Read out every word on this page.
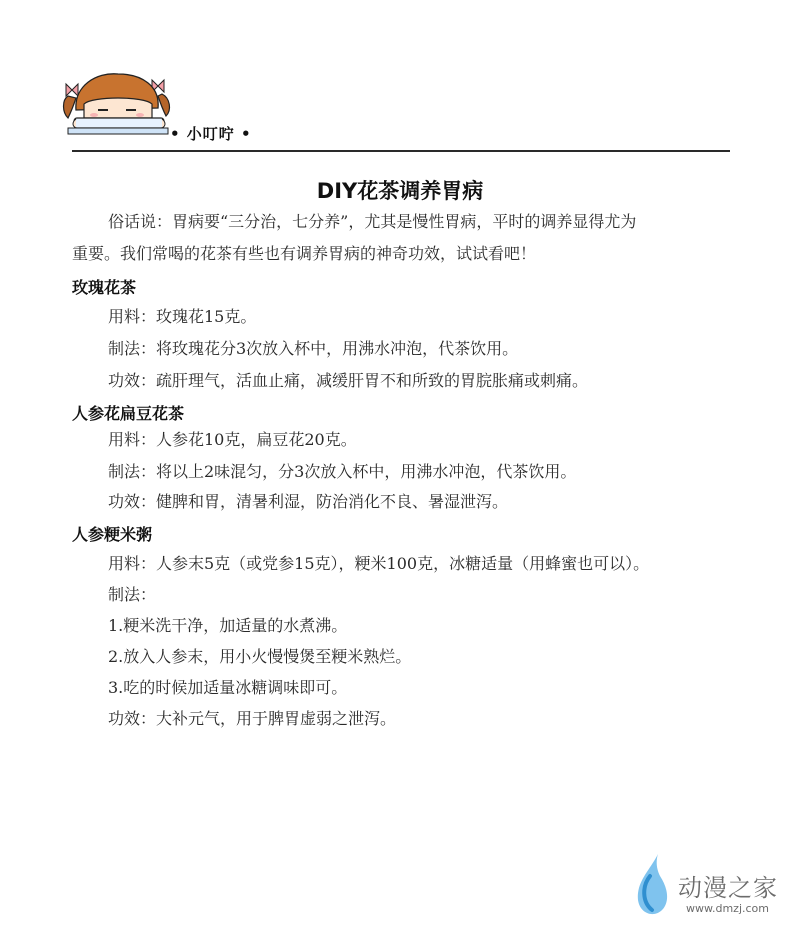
• 小叮咛 •
DIY花茶调养胃病
俗话说：胃病要“三分治，七分养”，尤其是慢性胃病，平时的调养显得尤为
重要。我们常喝的花茶有些也有调养胃病的神奇功效，试试看吧！
玫瑰花茶
用料：玫瑰花15克。
制法：将玫瑰花分3次放入杯中，用沸水冲泡，代茶饮用。
功效：疏肝理气，活血止痛，减缓肝胃不和所致的胃脘胀痛或刺痛。
人参花扁豆花茶
用料：人参花10克，扁豆花20克。
制法：将以上2味混匀，分3次放入杯中，用沸水冲泡，代茶饮用。
功效：健脾和胃，清暑利湿，防治消化不良、暑湿泄泻。
人参粳米粥
用料：人参末5克（或党参15克），粳米100克，冰糖适量（用蜂蜜也可以）。
制法：
1.粳米洗干净，加适量的水煮沸。
2.放入人参末，用小火慢慢煲至粳米熟烂。
3.吃的时候加适量冰糖调味即可。
功效：大补元气，用于脾胃虚弱之泄泻。
动漫之家
www.dmzj.com
